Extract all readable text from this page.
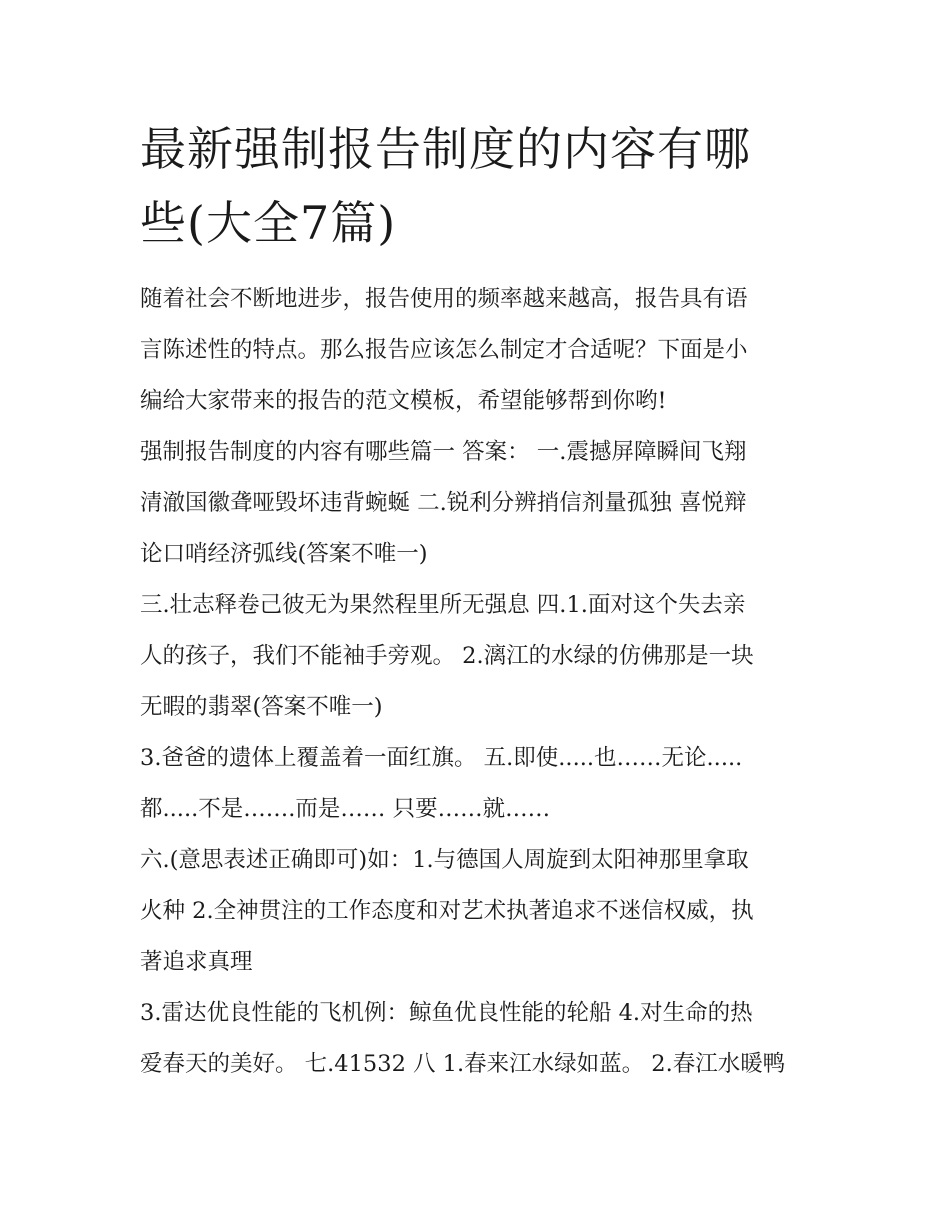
最新强制报告制度的内容有哪
些(大全7篇)

随着社会不断地进步，报告使用的频率越来越高，报告具有语
言陈述性的特点。那么报告应该怎么制定才合适呢？下面是小
编给大家带来的报告的范文模板，希望能够帮到你哟!

强制报告制度的内容有哪些篇一 答案： 一.震撼屏障瞬间飞翔
清澈国徽聋哑毁坏违背蜿蜒 二.锐利分辨捎信剂量孤独 喜悦辩
论口哨经济弧线(答案不唯一)

三.壮志释卷己彼无为果然程里所无强息 四.1.面对这个失去亲
人的孩子，我们不能袖手旁观。 2.漓江的水绿的仿佛那是一块
无暇的翡翠(答案不唯一)

3.爸爸的遗体上覆盖着一面红旗。 五.即使.....也……无论.....
都.....不是…….而是…… 只要……就……

六.(意思表述正确即可)如：1.与德国人周旋到太阳神那里拿取
火种 2.全神贯注的工作态度和对艺术执著追求不迷信权威，执
著追求真理

3.雷达优良性能的飞机例：鲸鱼优良性能的轮船 4.对生命的热
爱春天的美好。 七.41532 八 1.春来江水绿如蓝。 2.春江水暖鸭
